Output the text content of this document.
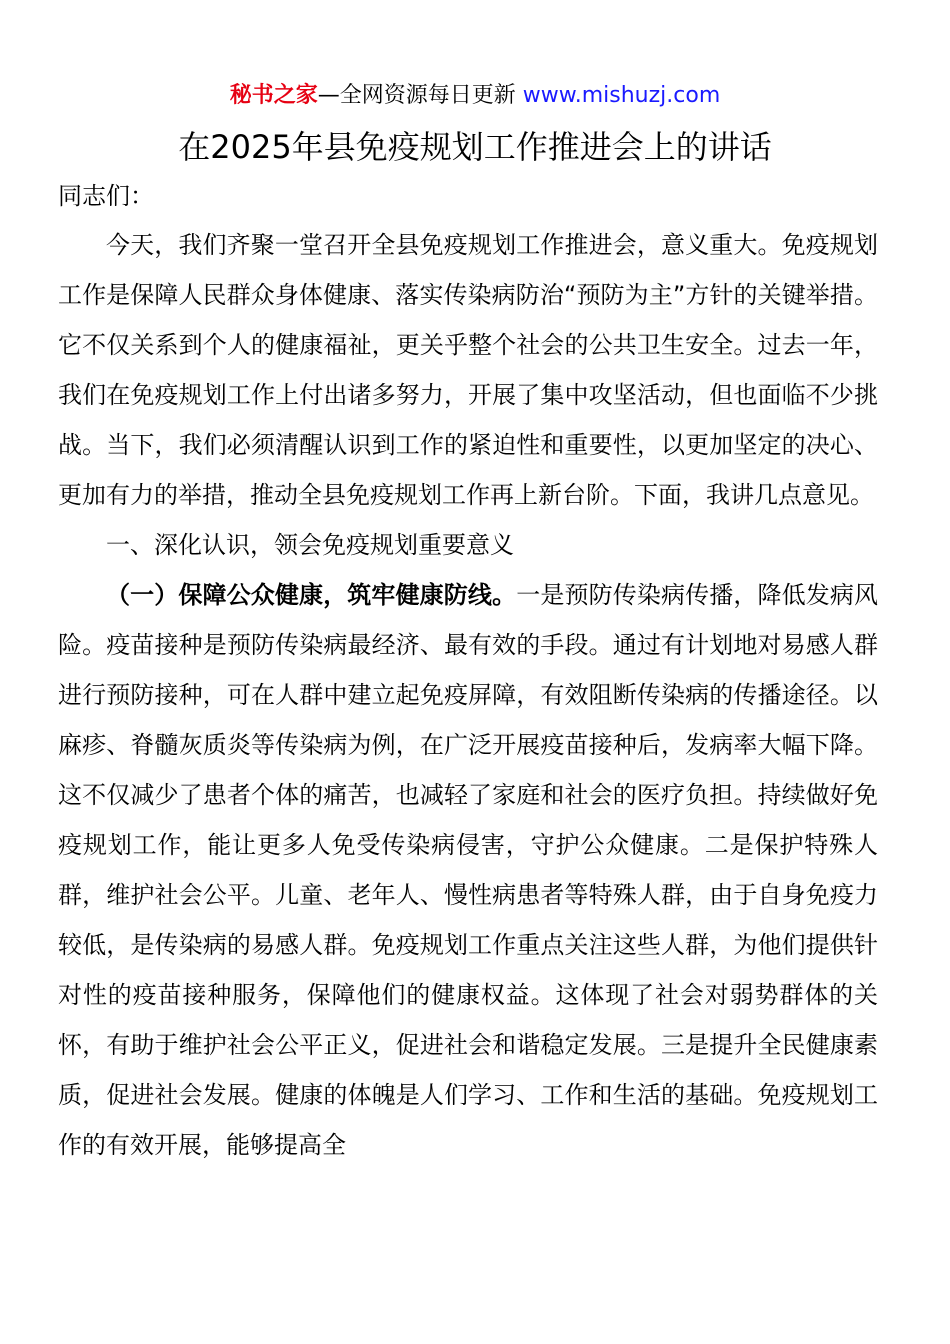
秘书之家—全网资源每日更新 www.mishuzj.com
在2025年县免疫规划工作推进会上的讲话

同志们：

今天，我们齐聚一堂召开全县免疫规划工作推进会，意义重大。免疫规划工作是保障人民群众身体健康、落实传染病防治“预防为主”方针的关键举措。它不仅关系到个人的健康福祉，更关乎整个社会的公共卫生安全。过去一年，我们在免疫规划工作上付出诸多努力，开展了集中攻坚活动，但也面临不少挑战。当下，我们必须清醒认识到工作的紧迫性和重要性，以更加坚定的决心、更加有力的举措，推动全县免疫规划工作再上新台阶。下面，我讲几点意见。

一、深化认识，领会免疫规划重要意义

（一）保障公众健康，筑牢健康防线。一是预防传染病传播，降低发病风险。疫苗接种是预防传染病最经济、最有效的手段。通过有计划地对易感人群进行预防接种，可在人群中建立起免疫屏障，有效阻断传染病的传播途径。以麻疹、脊髓灰质炎等传染病为例，在广泛开展疫苗接种后，发病率大幅下降。这不仅减少了患者个体的痛苦，也减轻了家庭和社会的医疗负担。持续做好免疫规划工作，能让更多人免受传染病侵害，守护公众健康。二是保护特殊人群，维护社会公平。儿童、老年人、慢性病患者等特殊人群，由于自身免疫力较低，是传染病的易感人群。免疫规划工作重点关注这些人群，为他们提供针对性的疫苗接种服务，保障他们的健康权益。这体现了社会对弱势群体的关怀，有助于维护社会公平正义，促进社会和谐稳定发展。三是提升全民健康素质，促进社会发展。健康的体魄是人们学习、工作和生活的基础。免疫规划工作的有效开展，能够提高全
